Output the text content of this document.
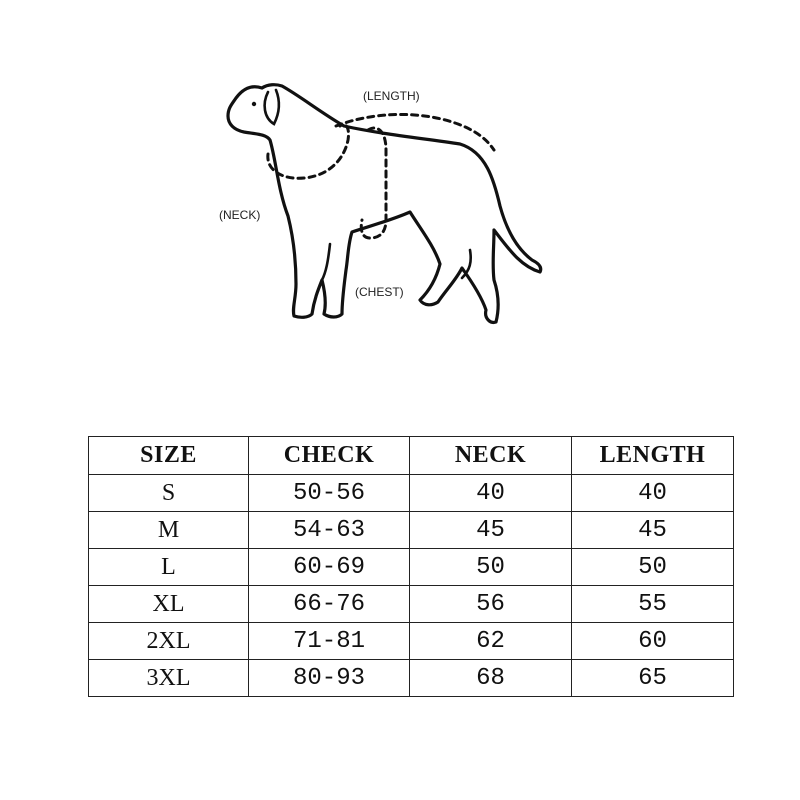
(LENGTH)
(NECK)
(CHEST)
SIZE	CHECK	NECK	LENGTH
S	50-56	40	40
M	54-63	45	45
L	60-69	50	50
XL	66-76	56	55
2XL	71-81	62	60
3XL	80-93	68	65
